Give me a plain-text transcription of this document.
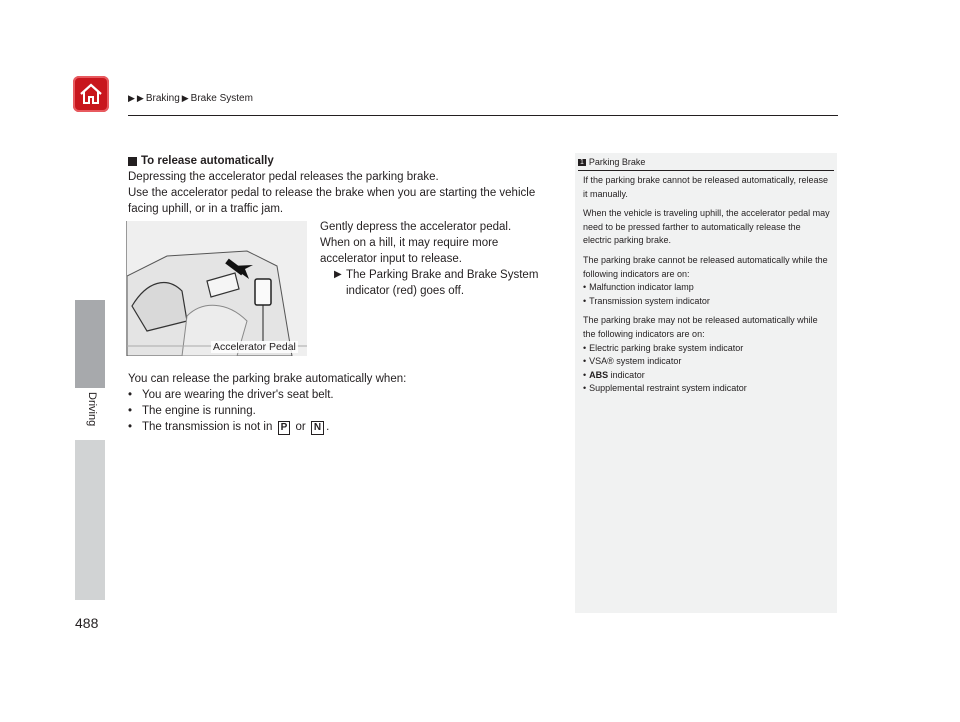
▶ ▶ Braking ▶ Brake System
Driving
488
To release automatically

Depressing the accelerator pedal releases the parking brake.

Use the accelerator pedal to release the brake when you are starting the vehicle facing uphill, or in a traffic jam.

Accelerator Pedal
Gently depress the accelerator pedal.
When on a hill, it may require more accelerator input to release.
▶ The Parking Brake and Brake System indicator (red) goes off.
You can release the parking brake automatically when:
• You are wearing the driver's seat belt.
• The engine is running.
• The transmission is not in P or N .
1 Parking Brake

If the parking brake cannot be released automatically, release it manually.

When the vehicle is traveling uphill, the accelerator pedal may need to be pressed farther to automatically release the electric parking brake.

The parking brake cannot be released automatically while the following indicators are on:

• Malfunction indicator lamp
• Transmission system indicator

The parking brake may not be released automatically while the following indicators are on:

• Electric parking brake system indicator
• VSA® system indicator
• ABS indicator
• Supplemental restraint system indicator
